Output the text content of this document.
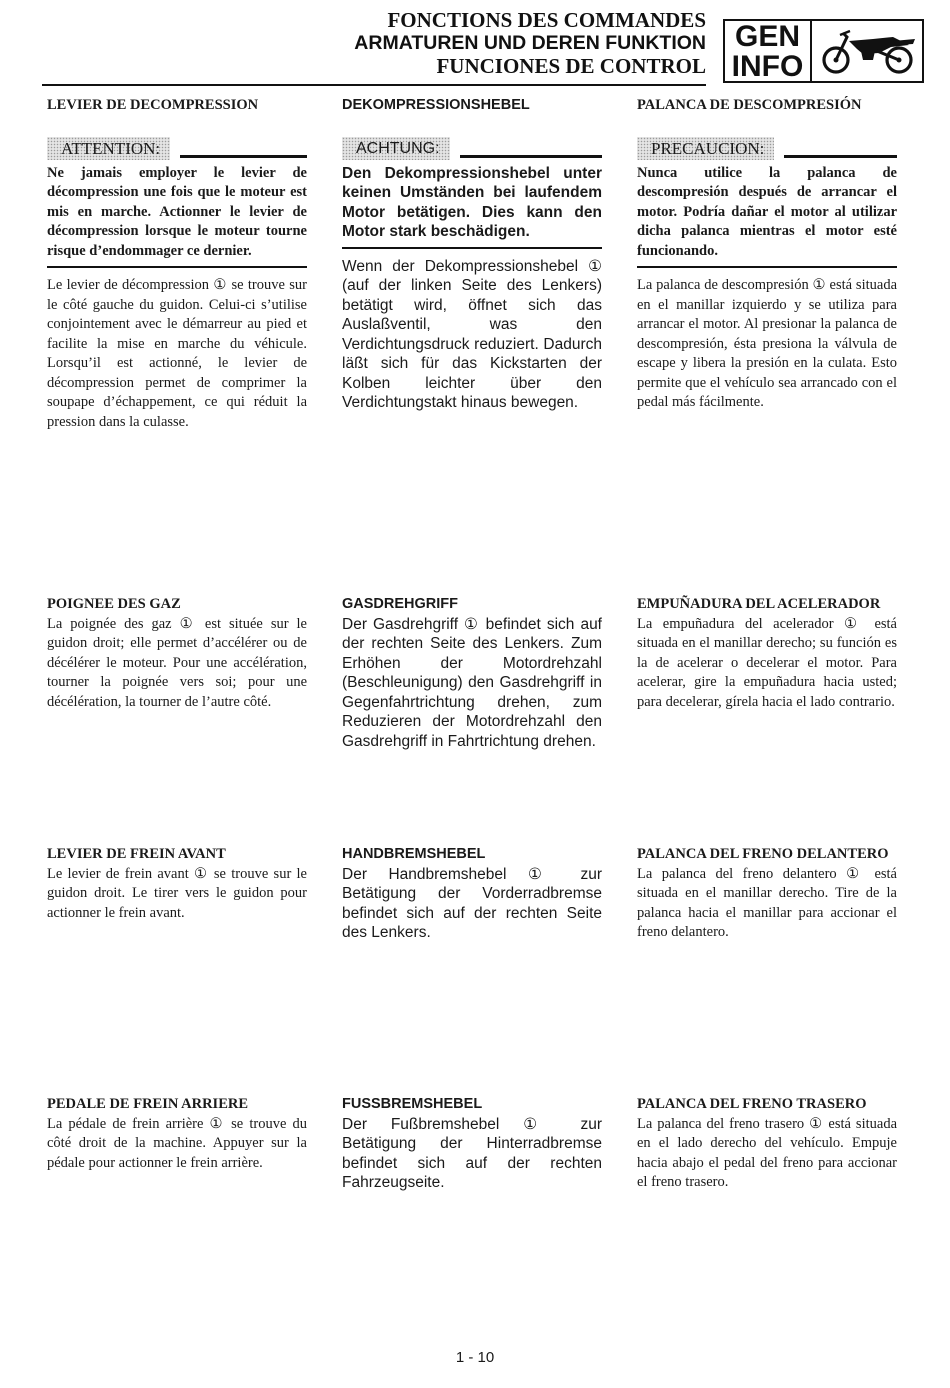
FONCTIONS DES COMMANDES
ARMATUREN UND DEREN FUNKTION
FUNCIONES DE CONTROL
GEN
INFO

LEVIER DE DECOMPRESSION

ATTENTION:

Ne jamais employer le levier de décompression une fois que le moteur est mis en marche. Actionner le levier de décompression lorsque le moteur tourne risque d’endommager ce dernier.

Le levier de décompression ① se trouve sur le côté gauche du guidon. Celui-ci s’utilise conjointement avec le démarreur au pied et facilite la mise en marche du véhicule. Lorsqu’il est actionné, le levier de décompression permet de comprimer la soupape d’échappement, ce qui réduit la pression dans la culasse.

DEKOMPRESSIONSHEBEL

ACHTUNG:

Den Dekompressionshebel unter keinen Umständen bei laufendem Motor betätigen. Dies kann den Motor stark beschädigen.

Wenn der Dekompressionshebel ① (auf der linken Seite des Lenkers) betätigt wird, öffnet sich das Auslaßventil, was den Verdichtungsdruck reduziert. Dadurch läßt sich für das Kickstarten der Kolben leichter über den Verdichtungstakt hinaus bewegen.

PALANCA DE DESCOMPRESIÓN

PRECAUCION:

Nunca utilice la palanca de descompresión después de arrancar el motor. Podría dañar el motor al utilizar dicha palanca mientras el motor esté funcionando.

La palanca de descompresión ① está situada en el manillar izquierdo y se utiliza para arrancar el motor. Al presionar la palanca de descompresión, ésta presiona la válvula de escape y libera la presión en la culata. Esto permite que el vehículo sea arrancado con el pedal más fácilmente.

POIGNEE DES GAZ

La poignée des gaz ① est située sur le guidon droit; elle permet d’accélérer ou de décélérer le moteur. Pour une accélération, tourner la poignée vers soi; pour une décélération, la tourner de l’autre côté.

GASDREHGRIFF

Der Gasdrehgriff ① befindet sich auf der rechten Seite des Lenkers. Zum Erhöhen der Motordrehzahl (Beschleunigung) den Gasdrehgriff in Gegenfahrtrichtung drehen, zum Reduzieren der Motordrehzahl den Gasdrehgriff in Fahrtrichtung drehen.

EMPUÑADURA DEL ACELERADOR

La empuñadura del acelerador ① está situada en el manillar derecho; su función es la de acelerar o decelerar el motor. Para acelerar, gire la empuñadura hacia usted; para decelerar, gírela hacia el lado contrario.

LEVIER DE FREIN AVANT

Le levier de frein avant ① se trouve sur le guidon droit. Le tirer vers le guidon pour actionner le frein avant.

HANDBREMSHEBEL

Der Handbremshebel ① zur Betätigung der Vorderradbremse befindet sich auf der rechten Seite des Lenkers.

PALANCA DEL FRENO DELANTERO

La palanca del freno delantero ① está situada en el manillar derecho. Tire de la palanca hacia el manillar para accionar el freno delantero.

PEDALE DE FREIN ARRIERE

La pédale de frein arrière ① se trouve du côté droit de la machine. Appuyer sur la pédale pour actionner le frein arrière.

FUSSBREMSHEBEL

Der Fußbremshebel ① zur Betätigung der Hinterradbremse befindet sich auf der rechten Fahrzeugseite.

PALANCA DEL FRENO TRASERO

La palanca del freno trasero ① está situada en el lado derecho del vehículo. Empuje hacia abajo el pedal del freno para accionar el freno trasero.

1 - 10
